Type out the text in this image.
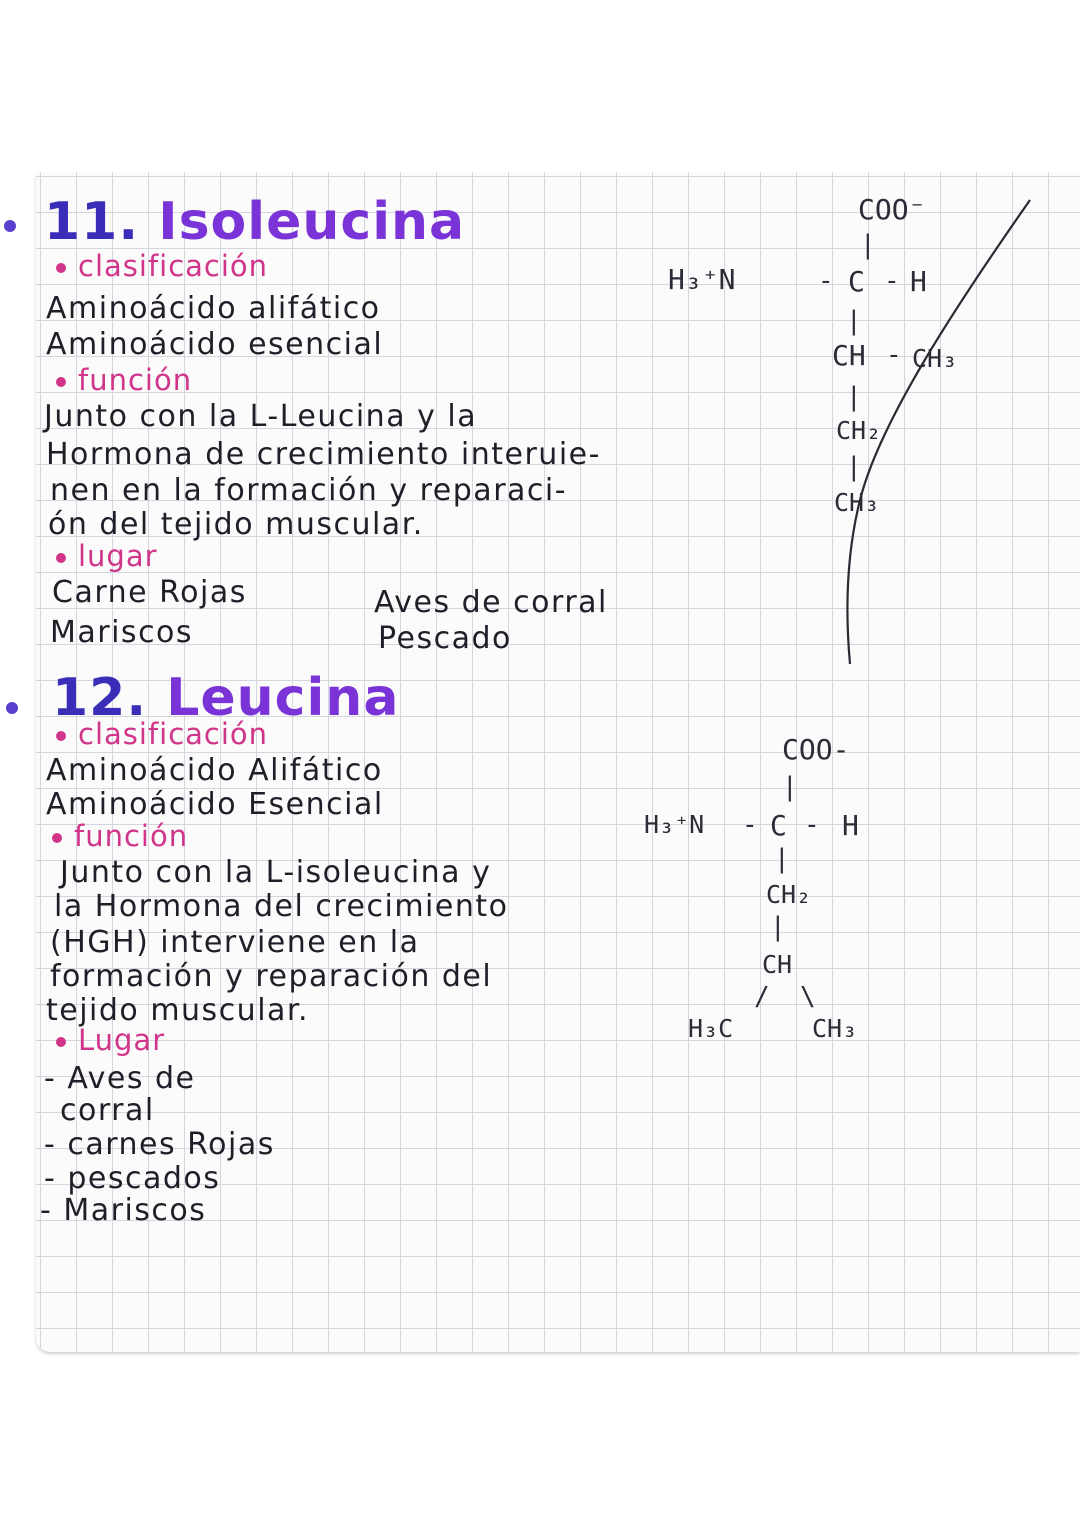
11. Isoleucina
clasificación
Aminoácido alifático
Aminoácido esencial
función
Junto con la L-Leucina y la
Hormona de crecimiento interuie-
nen en la formación y reparaci-
ón del tejido muscular.
lugar
Carne Rojas
Mariscos
Aves de corral
Pescado
COO⁻
|
H₃⁺N	- C - H
|
CH - CH₃
|
CH₂
|
CH₃
12. Leucina
clasificación
Aminoácido Alifático
Aminoácido Esencial
función
Junto con la L-isoleucina y
la Hormona del crecimiento
(HGH) interviene en la
formación y reparación del
tejido muscular.
Lugar
- Aves de
corral
- carnes Rojas
- pescados
- Mariscos
COO-
|
H₃⁺N - C - H
|
CH₂
|
CH
/ \
H₃C	CH₃
